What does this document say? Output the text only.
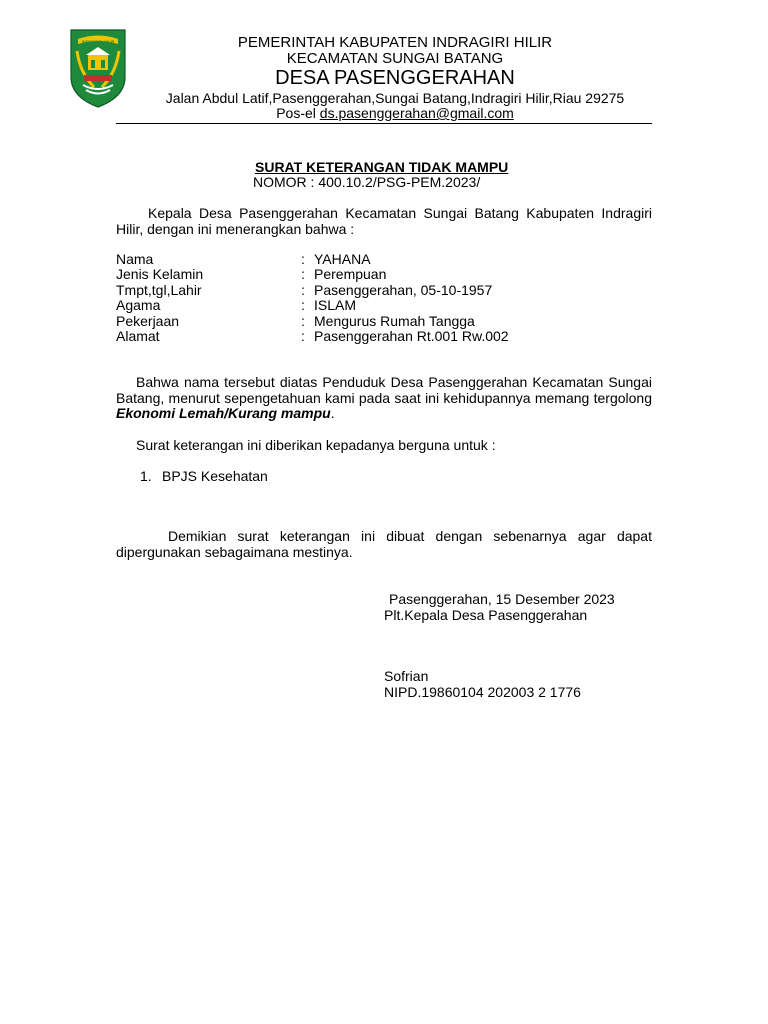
INDRAGIRI HILIR	PEMERINTAH KABUPATEN INDRAGIRI HILIR
KECAMATAN SUNGAI BATANG
DESA PASENGGERAHAN
Jalan Abdul Latif,Pasenggerahan,Sungai Batang,Indragiri Hilir,Riau 29275
Pos-el ds.pasenggerahan@gmail.com
SURAT KETERANGAN TIDAK MAMPU
NOMOR : 400.10.2/PSG-PEM.2023/
Kepala Desa Pasenggerahan Kecamatan Sungai Batang Kabupaten Indragiri Hilir, dengan ini menerangkan bahwa :
Nama	: YAHANA
Jenis Kelamin	: Perempuan
Tmpt,tgl,Lahir	: Pasenggerahan, 05-10-1957
Agama	: ISLAM
Pekerjaan	: Mengurus Rumah Tangga
Alamat	: Pasenggerahan Rt.001 Rw.002
Bahwa nama tersebut diatas Penduduk Desa Pasenggerahan Kecamatan Sungai Batang, menurut sepengetahuan kami pada saat ini kehidupannya memang tergolong Ekonomi Lemah/Kurang mampu.
Surat keterangan ini diberikan kepadanya berguna untuk :
1. BPJS Kesehatan
Demikian surat keterangan ini dibuat dengan sebenarnya agar dapat dipergunakan sebagaimana mestinya.
Pasenggerahan, 15 Desember 2023
Plt.Kepala Desa Pasenggerahan
Sofrian
NIPD.19860104 202003 2 1776
